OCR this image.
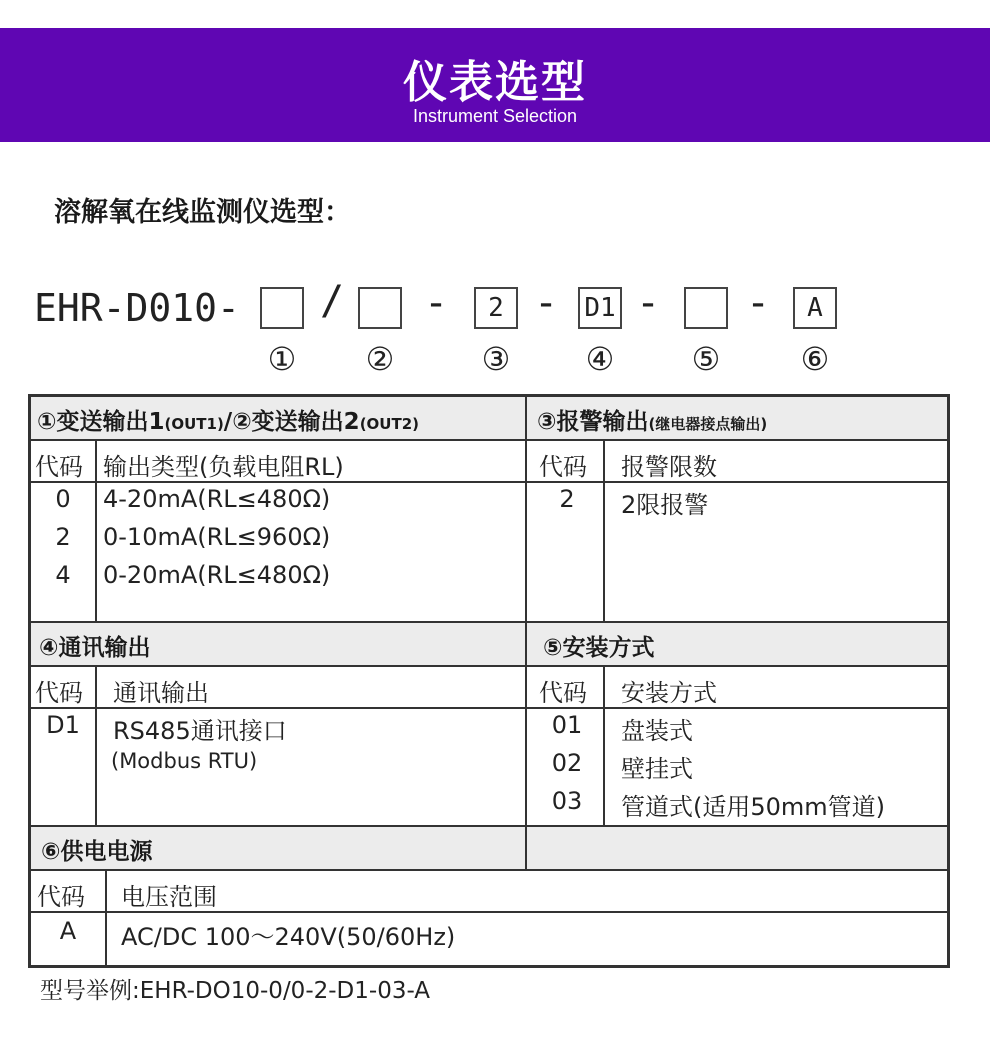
仪表选型
Instrument Selection
溶解氧在线监测仪选型：
EHR-D010- / -	2 - D1 - -	A
① ②	③ ④ ⑤	⑥
①变送输出1(OUT1)/②变送输出2(OUT2)
代码 输出类型(负载电阻RL)
0	4-20mA(RL≤480Ω)
2	0-10mA(RL≤960Ω)
4	0-20mA(RL≤480Ω)
③报警输出(继电器接点输出)
代码 报警限数
2	2限报警
④通讯输出
代码 通讯输出
D1	RS485通讯接口
(Modbus RTU)
⑤安装方式
代码 安装方式
01	盘装式
02	壁挂式
03	管道式(适用50mm管道)
⑥供电电源
代码 电压范围
A	AC/DC 100～240V(50/60Hz)
型号举例:EHR-DO10-0/0-2-D1-03-A
